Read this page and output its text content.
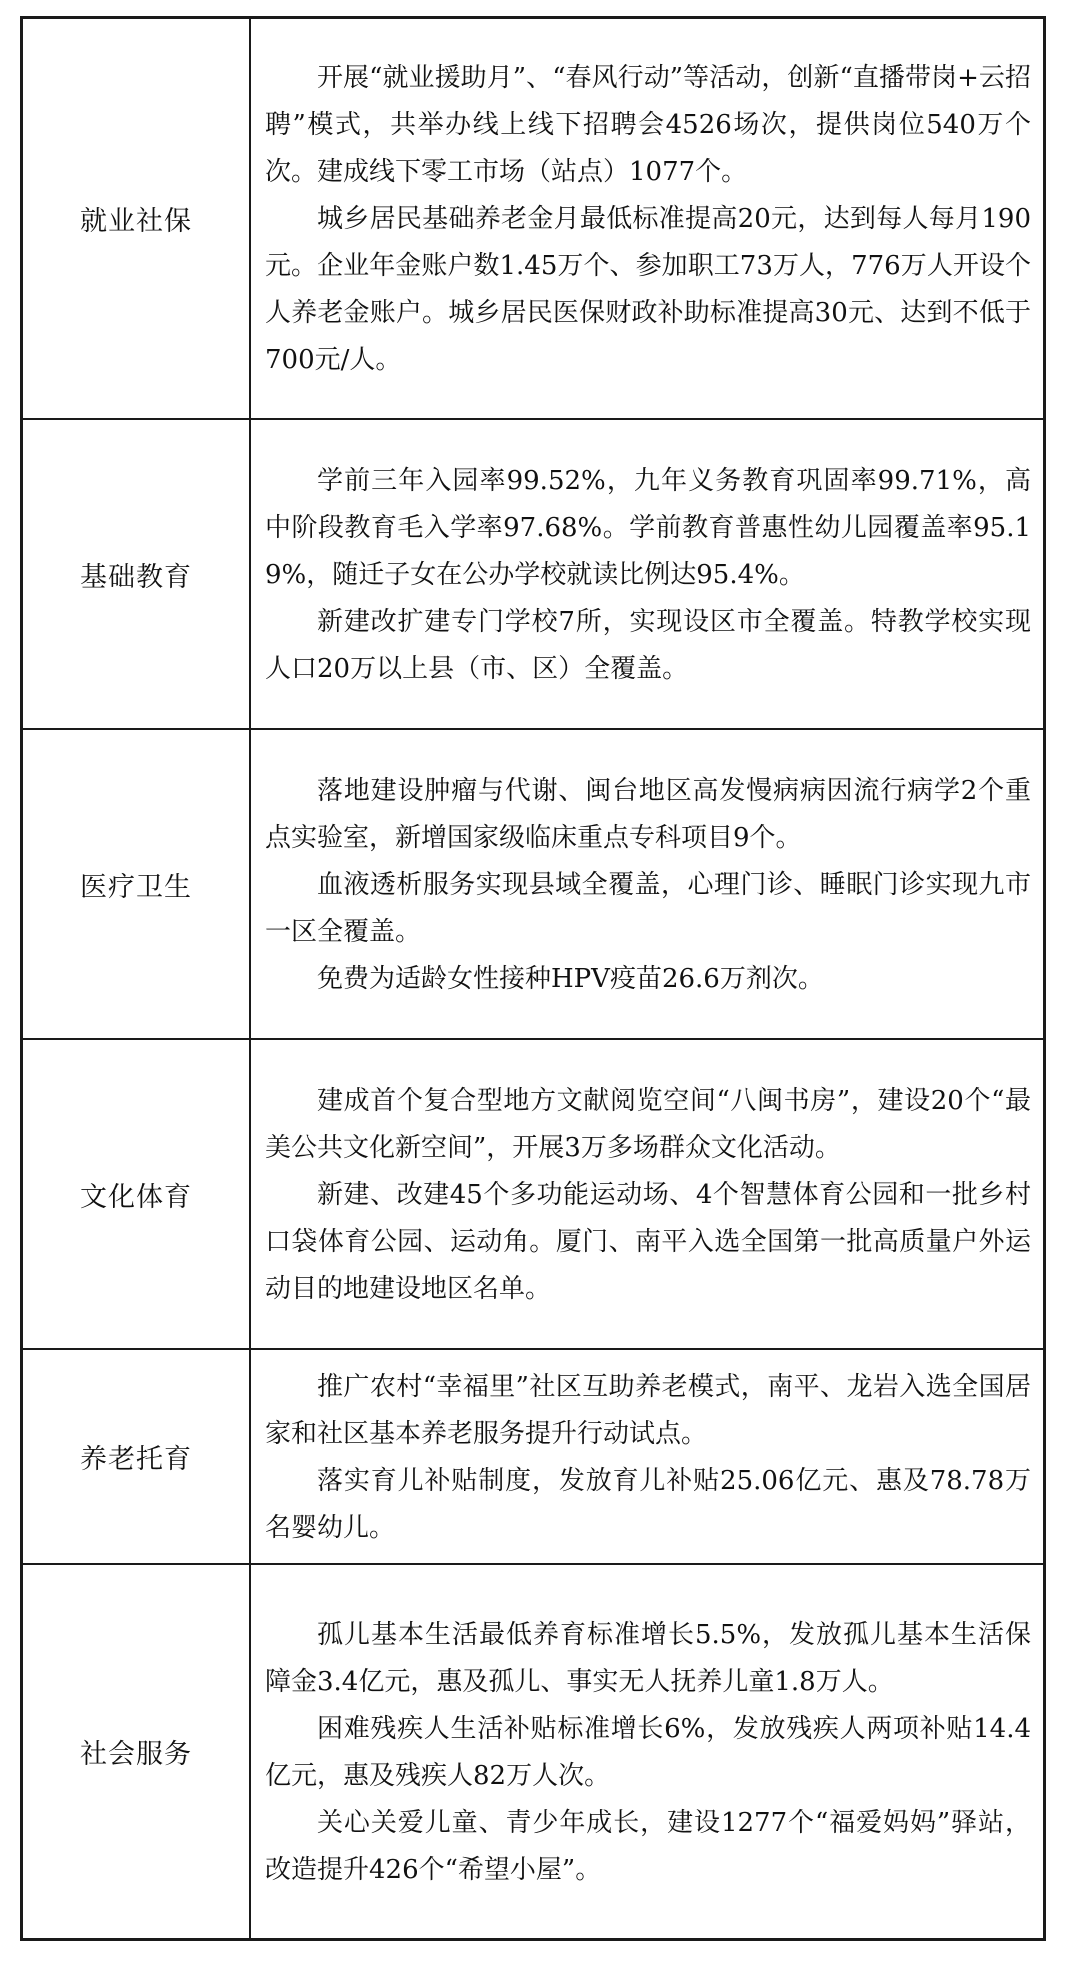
就业社保

开展“就业援助月”、“春风行动”等活动，创新“直播带岗+云招聘”模式，共举办线上线下招聘会4526场次，提供岗位540万个次。建成线下零工市场（站点）1077个。

城乡居民基础养老金月最低标准提高20元，达到每人每月190元。企业年金账户数1.45万个、参加职工73万人，776万人开设个人养老金账户。城乡居民医保财政补助标准提高30元、达到不低于700元/人。

基础教育

学前三年入园率99.52%，九年义务教育巩固率99.71%，高中阶段教育毛入学率97.68%。学前教育普惠性幼儿园覆盖率95.19%，随迁子女在公办学校就读比例达95.4%。

新建改扩建专门学校7所，实现设区市全覆盖。特教学校实现人口20万以上县（市、区）全覆盖。

医疗卫生

落地建设肿瘤与代谢、闽台地区高发慢病病因流行病学2个重点实验室，新增国家级临床重点专科项目9个。

血液透析服务实现县域全覆盖，心理门诊、睡眠门诊实现九市一区全覆盖。

免费为适龄女性接种HPV疫苗26.6万剂次。

文化体育

建成首个复合型地方文献阅览空间“八闽书房”，建设20个“最美公共文化新空间”，开展3万多场群众文化活动。

新建、改建45个多功能运动场、4个智慧体育公园和一批乡村口袋体育公园、运动角。厦门、南平入选全国第一批高质量户外运动目的地建设地区名单。

养老托育

推广农村“幸福里”社区互助养老模式，南平、龙岩入选全国居家和社区基本养老服务提升行动试点。

落实育儿补贴制度，发放育儿补贴25.06亿元、惠及78.78万名婴幼儿。

社会服务

孤儿基本生活最低养育标准增长5.5%，发放孤儿基本生活保障金3.4亿元，惠及孤儿、事实无人抚养儿童1.8万人。

困难残疾人生活补贴标准增长6%，发放残疾人两项补贴14.4亿元，惠及残疾人82万人次。

关心关爱儿童、青少年成长，建设1277个“福爱妈妈”驿站，改造提升426个“希望小屋”。
